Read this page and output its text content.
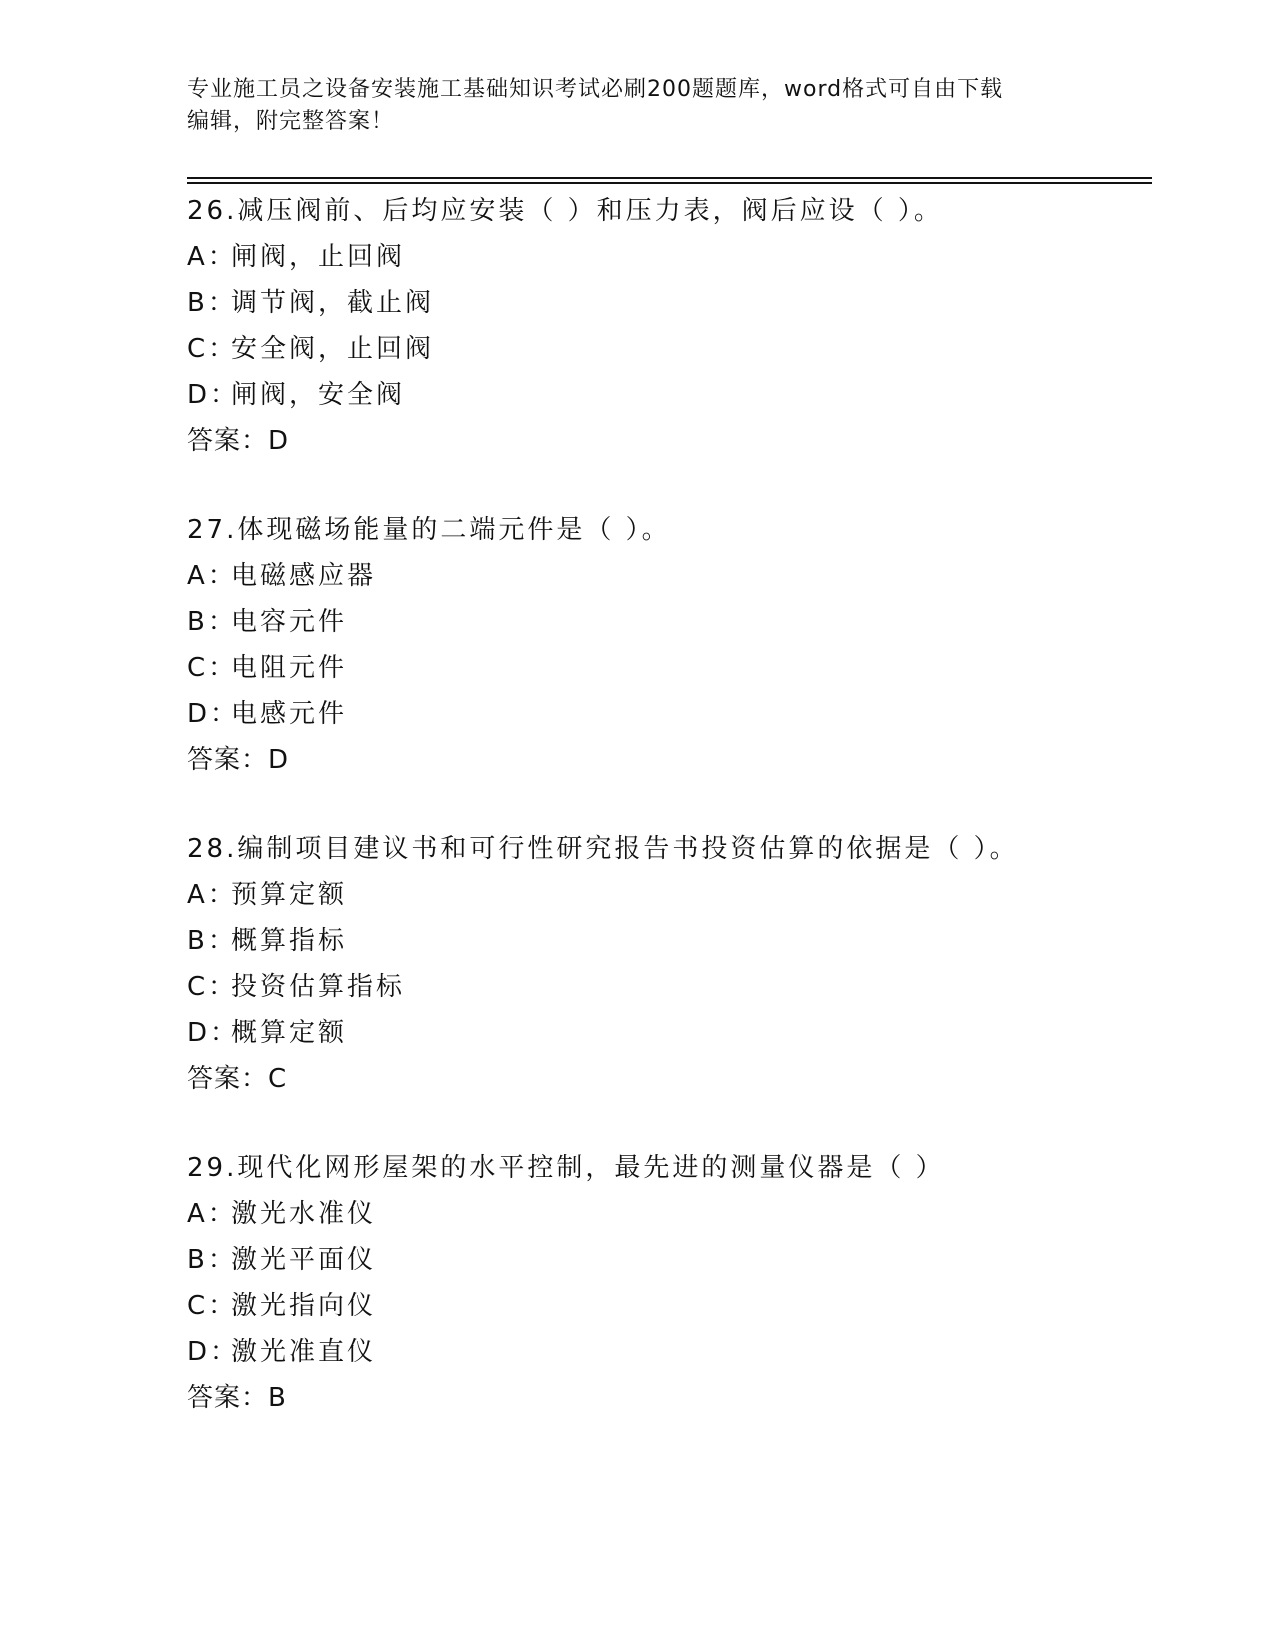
专业施工员之设备安装施工基础知识考试必刷200题题库，word格式可自由下载
编辑，附完整答案！

26.减压阀前、后均应安装（ ）和压力表，阀后应设（ ）。

A：闸阀，止回阀

B：调节阀，截止阀

C：安全阀，止回阀

D：闸阀，安全阀

答案：D

27.体现磁场能量的二端元件是（ ）。

A：电磁感应器

B：电容元件

C：电阻元件

D：电感元件

答案：D

28.编制项目建议书和可行性研究报告书投资估算的依据是（ ）。

A：预算定额

B：概算指标

C：投资估算指标

D：概算定额

答案：C

29.现代化网形屋架的水平控制，最先进的测量仪器是（ ）

A：激光水准仪

B：激光平面仪

C：激光指向仪

D：激光准直仪

答案：B
